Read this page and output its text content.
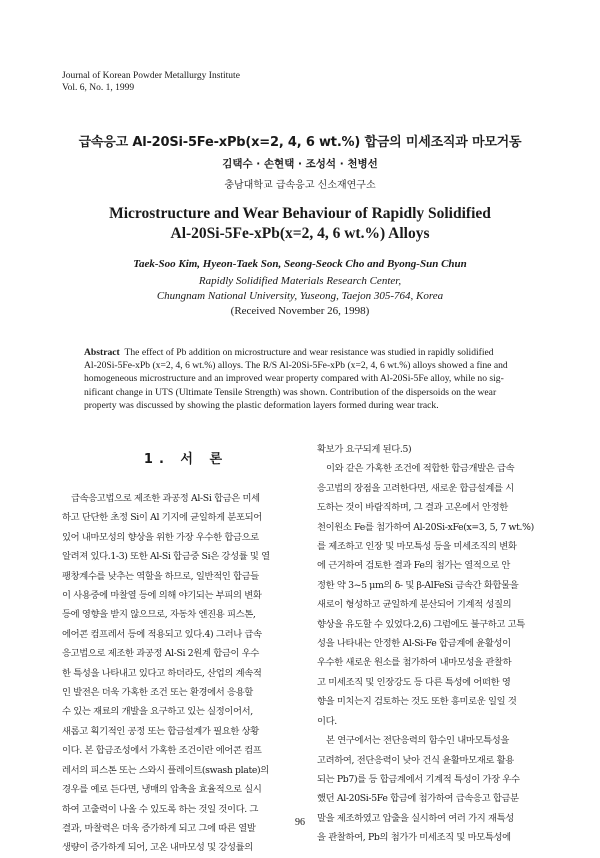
Journal of Korean Powder Metallurgy Institute
Vol. 6, No. 1, 1999
급속응고 Al-20Si-5Fe-xPb(x=2, 4, 6 wt.%) 합금의 미세조직과 마모거동
김택수 · 손현택 · 조성석 · 천병선
충남대학교 급속응고 신소재연구소
Microstructure and Wear Behaviour of Rapidly Solidified
Al-20Si-5Fe-xPb(x=2, 4, 6 wt.%) Alloys
Taek-Soo Kim, Hyeon-Taek Son, Seong-Seock Cho and Byong-Sun Chun
Rapidly Solidified Materials Research Center,
Chungnam National University, Yuseong, Taejon 305-764, Korea
(Received November 26, 1998)
Abstract The effect of Pb addition on microstructure and wear resistance was studied in rapidly solidified
Al-20Si-5Fe-xPb (x=2, 4, 6 wt.%) alloys. The R/S Al-20Si-5Fe-xPb (x=2, 4, 6 wt.%) alloys showed a fine and
homogeneous microstructure and an improved wear property compared with Al-20Si-5Fe alloy, while no sig-
nificant change in UTS (Ultimate Tensile Strength) was shown. Contribution of the dispersoids on the wear
property was discussed by showing the plastic deformation layers formed during wear track.
1. 서 론
급속응고법으로 제조한 과공정 Al-Si 합금은 미세
하고 단단한 초정 Si이 Al 기지에 균일하게 분포되어
있어 내마모성의 향상을 위한 가장 우수한 합금으로
알려져 있다.1-3) 또한 Al-Si 합금중 Si은 강성률 및 열
팽창계수를 낮추는 역할을 하므로, 일반적인 합금들
이 사용중에 마찰열 등에 의해 야기되는 부피의 변화
등에 영향을 받지 않으므로, 자동차 엔진용 피스톤,
에어콘 컴프레서 등에 적용되고 있다.4) 그러나 급속
응고법으로 제조한 과공정 Al-Si 2원계 합금이 우수
한 특성을 나타내고 있다고 하더라도, 산업의 계속적
인 발전은 더욱 가혹한 조건 또는 환경에서 응용할
수 있는 재료의 개발을 요구하고 있는 실정이어서,
새롭고 획기적인 공정 또는 합금설계가 필요한 상황
이다. 본 합금조성에서 가혹한 조건이란 에어콘 컴프
레서의 피스톤 또는 스와시 플레이트(swash plate)의
경우를 예로 든다면, 냉매의 압축을 효율적으로 실시
하여 고출력이 나올 수 있도록 하는 것일 것이다. 그
결과, 마찰력은 더욱 증가하게 되고 그에 따른 열발
생량이 증가하게 되어, 고온 내마모성 및 강성률의
확보가 요구되게 된다.5)
이와 같은 가혹한 조건에 적합한 합금개발은 급속
응고법의 장점을 고려한다면, 새로운 합금설계를 시
도하는 것이 바람직하며, 그 결과 고온에서 안정한
천이원소 Fe를 첨가하여 Al-20Si-xFe(x=3, 5, 7 wt.%)
를 제조하고 인장 및 마모특성 등을 미세조직의 변화
에 근거하여 검토한 결과 Fe의 첨가는 열적으로 안
정한 약 3~5 μm의 δ- 및 β-AlFeSi 금속간 화합물을
새로이 형성하고 균일하게 분산되어 기계적 성질의
향상을 유도할 수 있었다.2,6) 그럼에도 불구하고 고특
성을 나타내는 안정한 Al-Si-Fe 합금계에 윤활성이
우수한 새로운 원소를 첨가하여 내마모성을 관찰하
고 미세조직 및 인장강도 등 다른 특성에 어떠한 영
향을 미치는지 검토하는 것도 또한 흥미로운 일일 것
이다.
본 연구에서는 전단응력의 함수인 내마모특성을
고려하여, 전단응력이 낮아 건식 윤활마모재로 활용
되는 Pb7)를 등 합금계에서 기계적 특성이 가장 우수
했던 Al-20Si-5Fe 합금에 첨가하여 급속응고 합금분
말을 제조하였고 압출을 실시하여 여러 가지 재특성
을 관찰하여, Pb의 첨가가 미세조직 및 마모특성에
96
